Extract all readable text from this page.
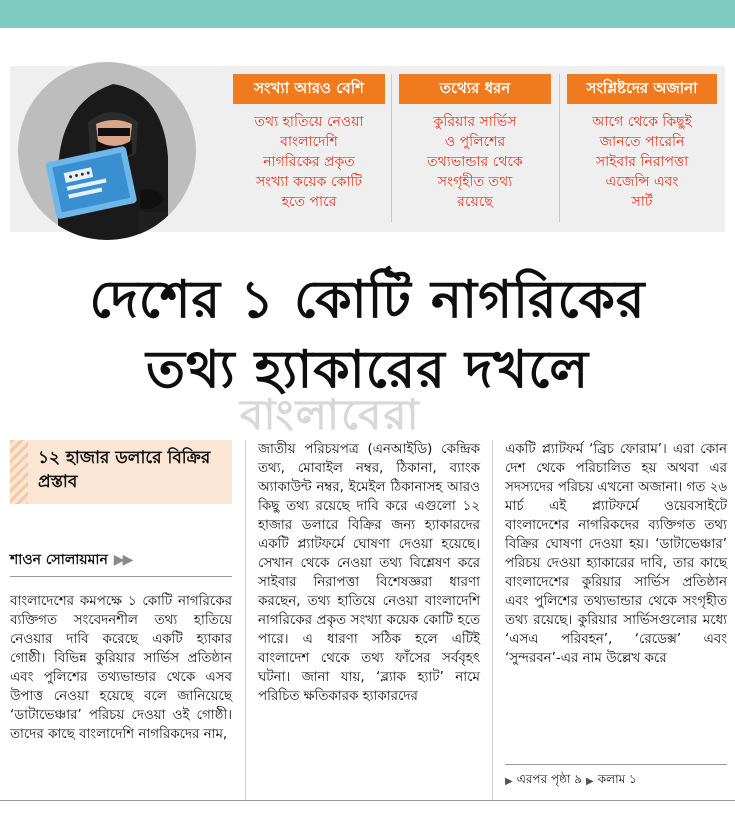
সংখ্যা আরও বেশি
তথ্য হাতিয়ে নেওয়া
বাংলাদেশি
নাগরিকের প্রকৃত
সংখ্যা কয়েক কোটি
হতে পারে
তথ্যের ধরন
কুরিয়ার সার্ভিস
ও পুলিশের
তথ্যভান্ডার থেকে
সংগৃহীত তথ্য
রয়েছে
সংশ্লিষ্টদের অজানা
আগে থেকে কিছুই
জানতে পারেনি
সাইবার নিরাপত্তা
এজেন্সি এবং
সার্ট
দেশের ১ কোটি নাগরিকের
তথ্য হ্যাকারের দখলে
বাংলাবেরা
১২ হাজার ডলারে বিক্রির প্রস্তাব
শাওন সোলায়মান ▶▶
বাংলাদেশের কমপক্ষে ১ কোটি নাগরিকের ব্যক্তিগত সংবেদনশীল তথ্য হাতিয়ে নেওয়ার দাবি করেছে একটি হ্যাকার গোষ্ঠী। বিভিন্ন কুরিয়ার সার্ভিস প্রতিষ্ঠান এবং পুলিশের তথ্যভান্ডার থেকে এসব উপাত্ত নেওয়া হয়েছে বলে জানিয়েছে ‘ডাটাভেঞ্চার’ পরিচয় দেওয়া ওই গোষ্ঠী। তাদের কাছে বাংলাদেশি নাগরিকদের নাম,
জাতীয় পরিচয়পত্র (এনআইডি) কেন্দ্রিক তথ্য, মোবাইল নম্বর, ঠিকানা, ব্যাংক অ্যাকাউন্ট নম্বর, ইমেইল ঠিকানাসহ আরও কিছু তথ্য রয়েছে দাবি করে এগুলো ১২ হাজার ডলারে বিক্রির জন্য হ্যাকারদের একটি প্ল্যাটফর্মে ঘোষণা দেওয়া হয়েছে। সেখান থেকে নেওয়া তথ্য বিশ্লেষণ করে সাইবার নিরাপত্তা বিশেষজ্ঞরা ধারণা করছেন, তথ্য হাতিয়ে নেওয়া বাংলাদেশি নাগরিকের প্রকৃত সংখ্যা কয়েক কোটি হতে পারে। এ ধারণা সঠিক হলে এটিই বাংলাদেশ থেকে তথ্য ফাঁসের সর্ববৃহৎ ঘটনা। জানা যায়, ‘ব্ল্যাক হ্যাট’ নামে পরিচিত ক্ষতিকারক হ্যাকারদের
একটি প্ল্যাটফর্ম ‘ব্রিচ ফোরাম’। এরা কোন দেশ থেকে পরিচালিত হয় অথবা এর সদস্যদের পরিচয় এখনো অজানা। গত ২৬ মার্চ এই প্ল্যাটফর্মে ওয়েবসাইটে বাংলাদেশের নাগরিকদের ব্যক্তিগত তথ্য বিক্রির ঘোষণা দেওয়া হয়। ‘ডাটাভেঞ্চার’ পরিচয় দেওয়া হ্যাকারের দাবি, তার কাছে বাংলাদেশের কুরিয়ার সার্ভিস প্রতিষ্ঠান এবং পুলিশের তথ্যভান্ডার থেকে সংগৃহীত তথ্য রয়েছে। কুরিয়ার সার্ভিসগুলোর মধ্যে ‘এসএ পরিবহন’, ‘রেডেক্স’ এবং ‘সুন্দরবন’-এর নাম উল্লেখ করে
▶ এরপর পৃষ্ঠা ৯ ▶ কলাম ১
